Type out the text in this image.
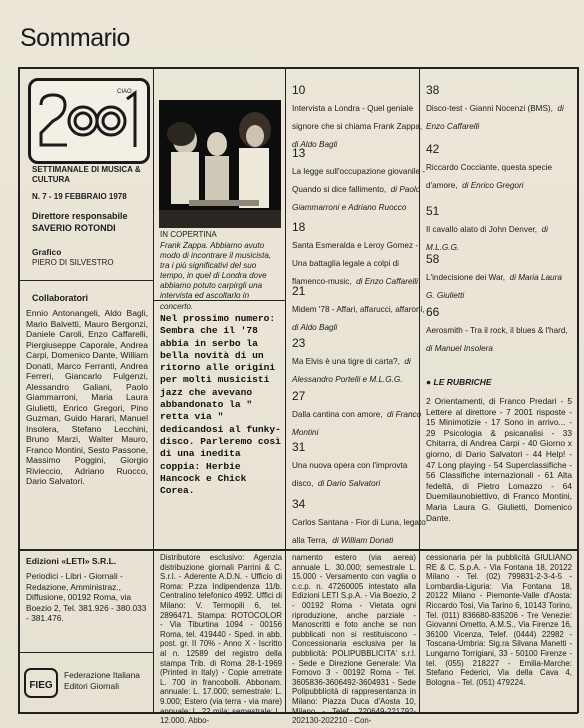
Sommario
CIAO
SETTIMANALE DI MUSICA & CULTURA
N. 7 - 19 FEBBRAIO 1978
Direttore responsabile
SAVERIO ROTONDI
Grafico
PIERO DI SILVESTRO
Collaboratori
Ennio Antonangeli, Aldo Bagli, Mario Balvetti, Mauro Bergonzi, Daniele Caroli, Enzo Caffarelli, Piergiuseppe Caporale, Andrea Carpi, Domenico Dante, William Donati, Marco Ferranti, Andrea Ferreri, Giancarlo Fulgenzi, Alessandro Galiani, Paolo Giammarroni, Maria Laura Giulietti, Enrico Gregori, Pino Guzman, Guido Harari, Manuel Insolera, Stefano Lecchini, Bruno Marzi, Walter Mauro, Franco Montini, Sesto Passone, Massimo Poggini, Giorgio Rivieccio, Adriano Ruocco, Dario Salvatori.
IN COPERTINA
Frank Zappa. Abbiamo avuto modo di incontrare il musicista, tra i più significativi del suo tempo, in quel di Londra dove abbiamo potuto carpirgli una intervista ed ascoltarlo in concerto.
Nel prossimo numero: Sembra che il '78 abbia in serbo la bella novità di un ritorno alle origini per molti musicisti jazz che avevano abbandonato la " retta via " dedicandosi al funky-disco. Parleremo così di una inedita coppia: Herbie Hancock e Chick Corea.
10
Intervista a Londra - Quel geniale signore che si chiama Frank Zappa, di Aldo Bagli
13
La legge sull'occupazione giovanile - Quando si dice fallimento, di Paolo Giammarroni e Adriano Ruocco
18
Santa Esmeralda e Leroy Gomez - Una battaglia legale a colpi di flamenco-music, di Enzo Caffarelli
21
Midem '78 - Affari, affarucci, affaroni, di Aldo Bagli
23
Ma Elvis è una tigre di carta?, di Alessandro Portelli e M.L.G.G.
27
Dalla cantina con amore, di Franco Montini
31
Una nuova opera con l'improvta disco, di Dario Salvatori
34
Carlos Santana - Fior di Luna, legato alla Terra, di William Donati
38
Disco-test - Gianni Nocenzi (BMS), di Enzo Caffarelli
42
Riccardo Cocciante, questa specie d'amore, di Enrico Gregori
51
Il cavallo alato di John Denver, di M.L.G.G.
58
L'indecisione dei War, di Maria Laura G. Giulietti
66
Aerosmith - Tra il rock, il blues & l'hard, di Manuel Insolera
● LE RUBRICHE
2 Orientamenti, di Franco Predari - 5 Lettere al direttore - 7 2001 risposte - 15 Minimotizie - 17 Sono in arrivo... - 29 Psicologia & psicanalisi - 33 Chitarra, di Andrea Carpi - 40 Giorno x giorno, di Dario Salvatori - 44 Help! - 47 Long playing - 54 Superclassifiche - 56 Classifiche internazionali - 61 Alta fedeltà, di Pietro Lomazzo - 64 Duemilaunobiettivo, di Franco Montini, Maria Laura G. Giulietti, Domenico Dante.
Edizioni «LETI» S.R.L.
Periodici - Libri - Giornali - Redazione, Amministraz., Diffusione, 00192 Roma, via Boezio 2, Tel. 381.926 - 380.033 - 381.476.
FIEG
Federazione Italiana Editori Giornali
Distributore esclusivo: Agenzia distribuzione giornali Parrini & C. S.r.l. - Aderente A.D.N. - Ufficio di Roma: P.zza Indipendenza 11/b. Centralino telefonico 4992. Uffici di Milano: V. Termopili 6, tel. 2896471. Stampa: ROTOCOLOR - Via Tiburtina 1094 - 00156 Roma, tel. 419440 - Sped. in abb. post. gr. II 70% - Anno X - Iscritto al n. 12589 del registro della stampa Trib. di Roma 28-1-1969 (Printed in Italy) - Copie arretrate L. 700 in francobolli. Abbonam. annuale: L. 17.000; semestrale: L. 9.000; Estero (via terra - via mare) annuale: L. 22 mila; semestrale: L. 12.000. Abbo-
namento estero (via aerea) annuale L. 30.000; semestrale L. 15.000 - Versamento con vaglia o c.c.p. n. 47260005 intestato alla Edizioni LETI S.p.A. - Via Boezio, 2 - 00192 Roma - Vietata ogni riproduzione, anche parziale - Manoscritti e foto anche se non pubblicati non si restituiscono - Concessionaria esclusiva per la pubblicità: POLIPUBBLICITA' s.r.l. - Sede e Direzione Generale: Via Fornovo 3 - 00192 Roma - Tel. 3605836-3606492-3604931 - Sede Polipubblicità di rappresentanza in Milano: Piazza Duca d'Aosta 10, Milano - Telef. 220649-221792-202130-202210 - Con-
cessionaria per la pubblicità GIULIANO RE & C. S.p.A. - Via Fontana 18, 20122 Milano - Tel. (02) 799831-2-3-4-5 - Lombardia-Liguria: Via Fontana 18, 20122 Milano - Piemonte-Valle d'Aosta: Riccardo Tosi, Via Tarino 6, 10143 Torino, Tel. (011) 836680-835206 - Tre Venezie: Giovanni Ometto, A.M.S., Via Firenze 16, 36100 Vicenza, Telef. (0444) 22982 - Toscana-Umbria: Sig.ra Silvana Manetti - Lungarno Torrigiani, 33 - 50100 Firenze - tel. (055) 218227 - Emilia-Marche: Stefano Federici, Via della Cava 4, Bologna - Tel. (051) 479224.
